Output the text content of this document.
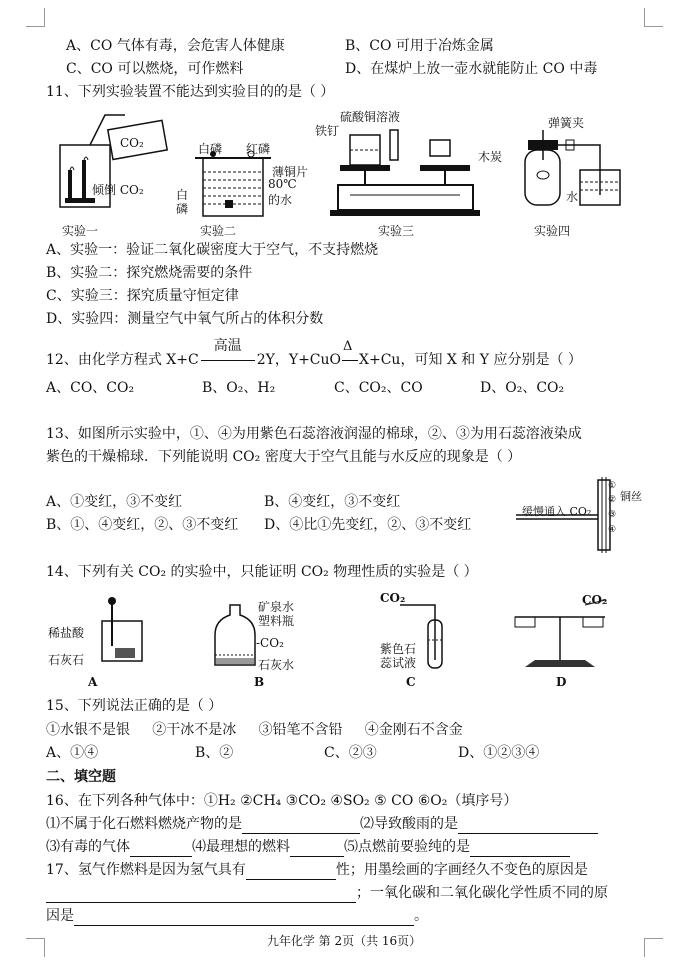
A、CO 气体有毒，会危害人体健康	B、CO 可用于冶炼金属
C、CO 可以燃烧，可作燃料	D、在煤炉上放一壶水就能防止 CO 中毒
11、下列实验装置不能达到实验目的的是（ ）
CO₂
倾倒 CO₂
白磷 红磷
薄铜片
80℃
的水
白
磷
硫酸铜溶液
铁钉
弹簧夹
木炭
水
实验一	实验二	实验三	实验四
A、实验一：验证二氧化碳密度大于空气，不支持燃烧
B、实验二：探究燃烧需要的条件
C、实验三：探究质量守恒定律
D、实验四：测量空气中氧气所占的体积分数
12、由化学方程式 X+C
高温
2Y，Y+CuO
Δ
X+Cu，可知 X 和 Y 应分别是（ ）
A、CO、CO₂	B、O₂、H₂	C、CO₂、CO	D、O₂、CO₂
13、如图所示实验中，①、④为用紫色石蕊溶液润湿的棉球，②、③为用石蕊溶液染成
紫色的干燥棉球．下列能说明 CO₂ 密度大于空气且能与水反应的现象是（ ）
A、①变红，③不变红	B、④变红，③不变红
B、①、④变红，②、③不变红 D、④比①先变红，②、③不变红
缓慢通入 CO₂
铜丝
①
②
③
④
14、下列有关 CO₂ 的实验中，只能证明 CO₂ 物理性质的实验是（ ）
稀盐酸
石灰石
矿泉水
塑料瓶
-CO₂
石灰水
CO₂
紫色石
蕊试液
CO₂
A	B	C	D
15、下列说法正确的是（ ）
①水银不是银     ②干冰不是冰     ③铅笔不含铅     ④金刚石不含金
A、①④	B、②	C、②③	D、①②③④
二、填空题
16、在下列各种气体中：①H₂ ②CH₄ ③CO₂ ④SO₂ ⑤ CO ⑥O₂（填序号）
⑴不属于化石燃料燃烧产物的是	⑵导致酸雨的是
⑶有毒的气体	⑷最理想的燃料	⑸点燃前要验纯的是
17、氢气作燃料是因为氢气具有	性；用墨绘画的字画经久不变色的原因是
；一氧化碳和二氧化碳化学性质不同的原
因是	。
九年化学 第 2页（共 16页）
